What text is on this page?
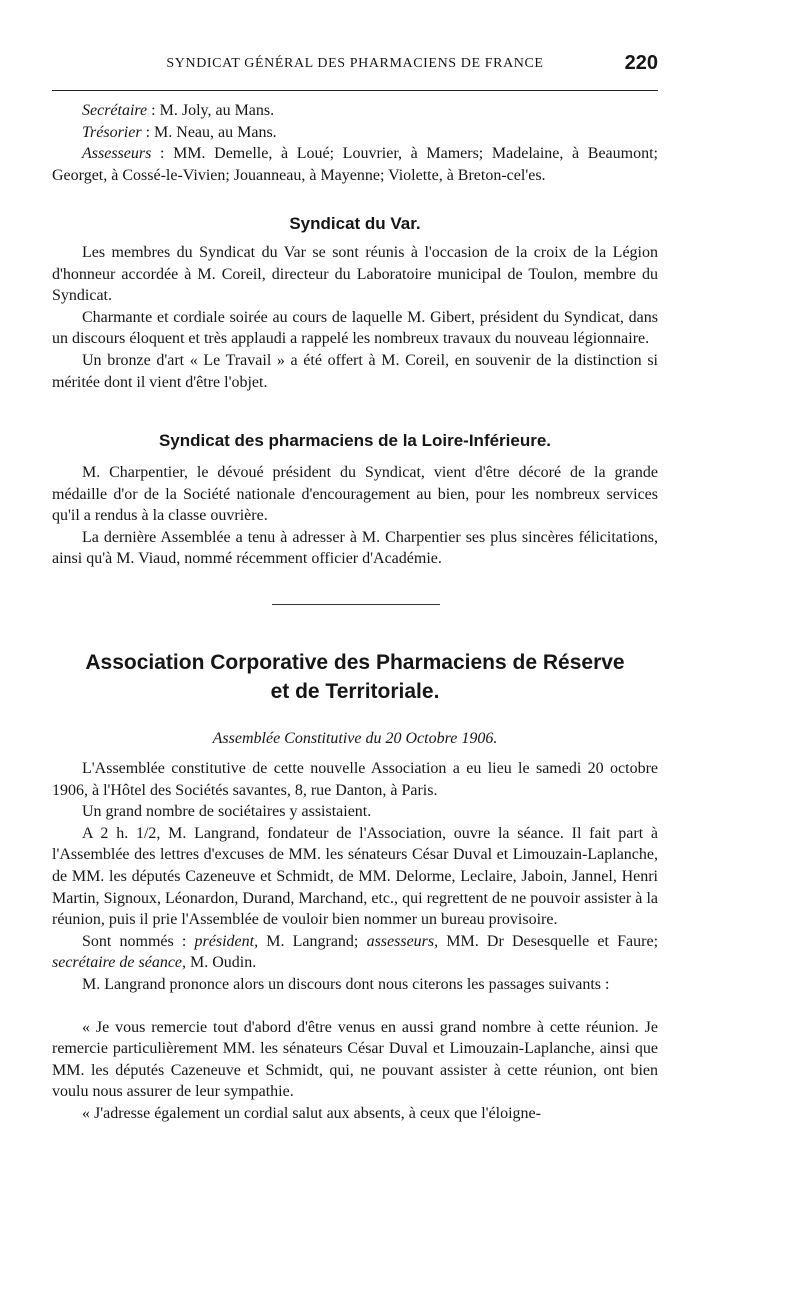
SYNDICAT GÉNÉRAL DES PHARMACIENS DE FRANCE	220

Secrétaire : M. Joly, au Mans.

Trésorier : M. Neau, au Mans.

Assesseurs : MM. Demelle, à Loué; Louvrier, à Mamers; Madelaine, à Beaumont; Georget, à Cossé-le-Vivien; Jouanneau, à Mayenne; Violette, à Breton-cel'es.

Syndicat du Var.

Les membres du Syndicat du Var se sont réunis à l'occasion de la croix de la Légion d'honneur accordée à M. Coreil, directeur du Laboratoire municipal de Toulon, membre du Syndicat.

Charmante et cordiale soirée au cours de laquelle M. Gibert, président du Syndicat, dans un discours éloquent et très applaudi a rappelé les nombreux travaux du nouveau légionnaire.

Un bronze d'art « Le Travail » a été offert à M. Coreil, en souvenir de la distinction si méritée dont il vient d'être l'objet.

Syndicat des pharmaciens de la Loire-Inférieure.

M. Charpentier, le dévoué président du Syndicat, vient d'être décoré de la grande médaille d'or de la Société nationale d'encouragement au bien, pour les nombreux services qu'il a rendus à la classe ouvrière.

La dernière Assemblée a tenu à adresser à M. Charpentier ses plus sincères félicitations, ainsi qu'à M. Viaud, nommé récemment officier d'Académie.

Association Corporative des Pharmaciens de Réserve
et de Territoriale.
Assemblée Constitutive du 20 Octobre 1906.

L'Assemblée constitutive de cette nouvelle Association a eu lieu le samedi 20 octobre 1906, à l'Hôtel des Sociétés savantes, 8, rue Danton, à Paris.

Un grand nombre de sociétaires y assistaient.

A 2 h. 1/2, M. Langrand, fondateur de l'Association, ouvre la séance. Il fait part à l'Assemblée des lettres d'excuses de MM. les sénateurs César Duval et Limouzain-Laplanche, de MM. les députés Cazeneuve et Schmidt, de MM. Delorme, Leclaire, Jaboin, Jannel, Henri Martin, Signoux, Léonardon, Durand, Marchand, etc., qui regrettent de ne pouvoir assister à la réunion, puis il prie l'Assemblée de vouloir bien nommer un bureau provisoire.

Sont nommés : président, M. Langrand; assesseurs, MM. Dr Desesquelle et Faure; secrétaire de séance, M. Oudin.

M. Langrand prononce alors un discours dont nous citerons les passages suivants :

« Je vous remercie tout d'abord d'être venus en aussi grand nombre à cette réunion. Je remercie particulièrement MM. les sénateurs César Duval et Limouzain-Laplanche, ainsi que MM. les députés Cazeneuve et Schmidt, qui, ne pouvant assister à cette réunion, ont bien voulu nous assurer de leur sympathie.

« J'adresse également un cordial salut aux absents, à ceux que l'éloigne-
